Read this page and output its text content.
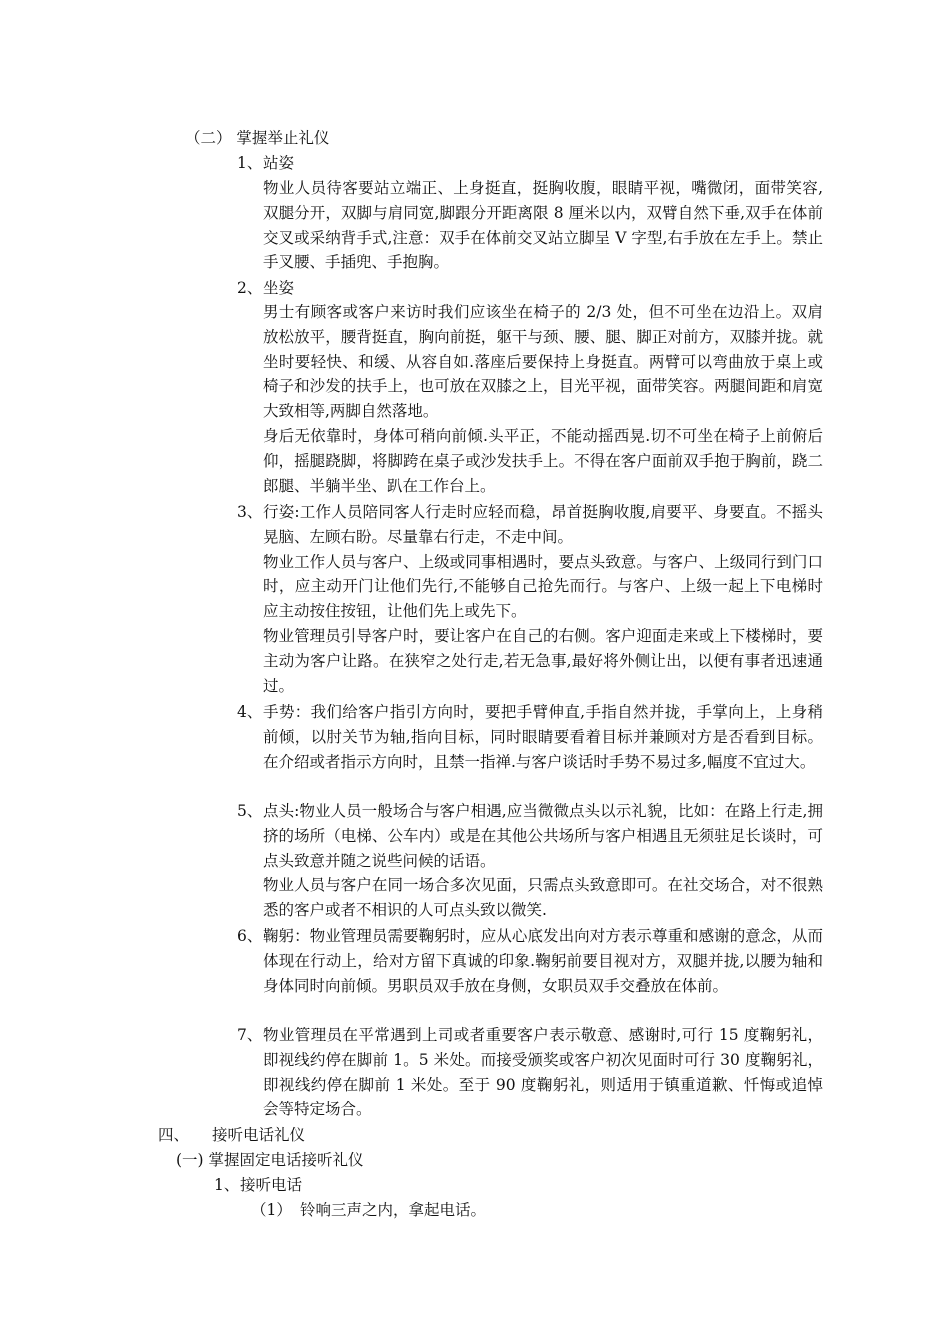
（二） 掌握举止礼仪
1、 站姿

物业人员待客要站立端正、上身挺直，挺胸收腹，眼睛平视，嘴微闭，面带笑容,双腿分开，双脚与肩同宽,脚跟分开距离限 8 厘米以内，双臂自然下垂,双手在体前交叉或采纳背手式,注意：双手在体前交叉站立脚呈 V 字型,右手放在左手上。禁止手叉腰、手插兜、手抱胸。

2、 坐姿

男士有顾客或客户来访时我们应该坐在椅子的 2/3 处，但不可坐在边沿上。双肩放松放平，腰背挺直，胸向前挺，躯干与颈、腰、腿、脚正对前方，双膝并拢。就坐时要轻快、和缓、从容自如.落座后要保持上身挺直。两臂可以弯曲放于桌上或椅子和沙发的扶手上，也可放在双膝之上，目光平视，面带笑容。两腿间距和肩宽大致相等,两脚自然落地。

身后无依靠时，身体可稍向前倾.头平正，不能动摇西晃.切不可坐在椅子上前俯后仰，摇腿跷脚，将脚跨在桌子或沙发扶手上。不得在客户面前双手抱于胸前，跷二郎腿、半躺半坐、趴在工作台上。

3、 行姿:工作人员陪同客人行走时应轻而稳，昂首挺胸收腹,肩要平、身要直。不摇头晃脑、左顾右盼。尽量靠右行走，不走中间。

物业工作人员与客户、上级或同事相遇时，要点头致意。与客户、上级同行到门口时，应主动开门让他们先行,不能够自己抢先而行。与客户、上级一起上下电梯时应主动按住按钮，让他们先上或先下。

物业管理员引导客户时，要让客户在自己的右侧。客户迎面走来或上下楼梯时，要主动为客户让路。在狭窄之处行走,若无急事,最好将外侧让出，以便有事者迅速通过。

4、 手势：我们给客户指引方向时，要把手臂伸直,手指自然并拢，手掌向上，上身稍前倾，以肘关节为轴,指向目标，同时眼睛要看着目标并兼顾对方是否看到目标。在介绍或者指示方向时，且禁一指禅.与客户谈话时手势不易过多,幅度不宜过大。

5、 点头:物业人员一般场合与客户相遇,应当微微点头以示礼貌，比如：在路上行走,拥挤的场所（电梯、公车内）或是在其他公共场所与客户相遇且无须驻足长谈时，可点头致意并随之说些问候的话语。

物业人员与客户在同一场合多次见面，只需点头致意即可。在社交场合，对不很熟悉的客户或者不相识的人可点头致以微笑.

6、 鞠躬：物业管理员需要鞠躬时，应从心底发出向对方表示尊重和感谢的意念，从而体现在行动上，给对方留下真诚的印象.鞠躬前要目视对方，双腿并拢,以腰为轴和身体同时向前倾。男职员双手放在身侧，女职员双手交叠放在体前。

7、 物业管理员在平常遇到上司或者重要客户表示敬意、感谢时,可行 15 度鞠躬礼，即视线约停在脚前 1。5 米处。而接受颁奖或客户初次见面时可行 30 度鞠躬礼，即视线约停在脚前 1 米处。至于 90 度鞠躬礼，则适用于镇重道歉、忏悔或追悼会等特定场合。

四、 接听电话礼仪
(一) 掌握固定电话接听礼仪
1、 接听电话
（1） 铃响三声之内，拿起电话。
